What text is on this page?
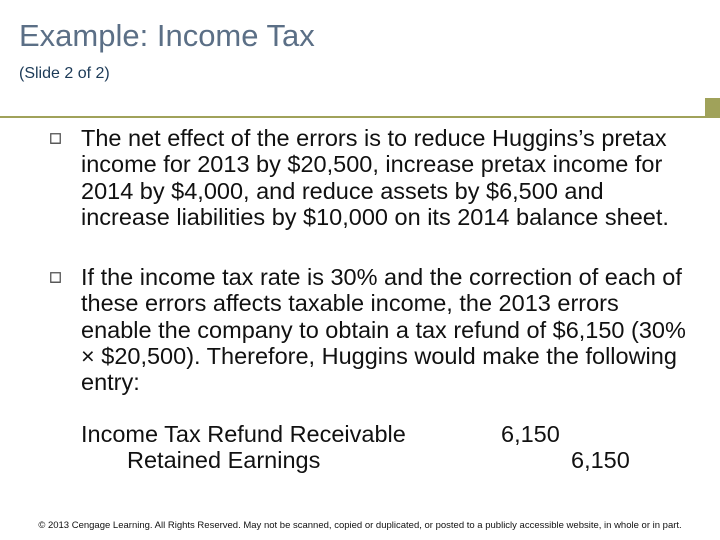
Example: Income Tax
(Slide 2 of 2)
The net effect of the errors is to reduce Huggins’s pretax income for 2013 by $20,500, increase pretax income for 2014 by $4,000, and reduce assets by $6,500 and increase liabilities by $10,000 on its 2014 balance sheet.
If the income tax rate is 30% and the correction of each of these errors affects taxable income, the 2013 errors enable the company to obtain a tax refund of $6,150 (30% × $20,500). Therefore, Huggins would make the following entry:
Income Tax Refund Receivable	6,150
Retained Earnings	6,150
© 2013 Cengage Learning. All Rights Reserved. May not be scanned, copied or duplicated, or posted to a publicly accessible website, in whole or in part.
